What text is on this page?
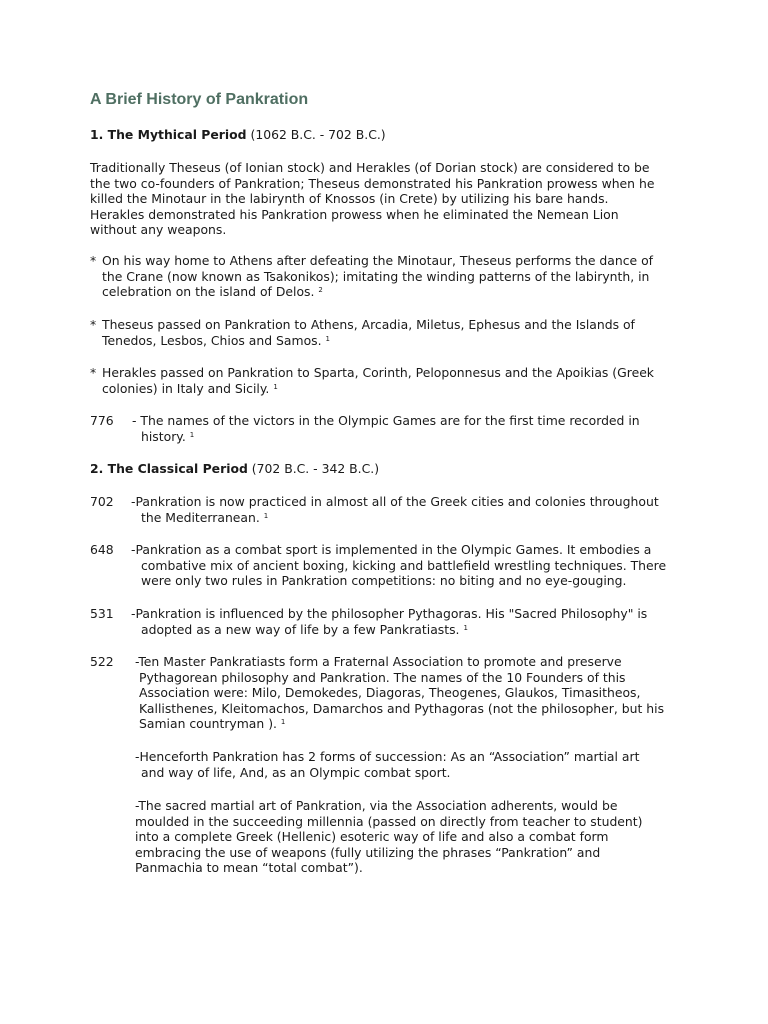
A Brief History of Pankration

1. The Mythical Period (1062 B.C. - 702 B.C.)

Traditionally Theseus (of Ionian stock) and Herakles (of Dorian stock) are considered to be
the two co-founders of Pankration; Theseus demonstrated his Pankration prowess when he
killed the Minotaur in the labirynth of Knossos (in Crete) by utilizing his bare hands.
Herakles demonstrated his Pankration prowess when he eliminated the Nemean Lion
without any weapons.
* On his way home to Athens after defeating the Minotaur, Theseus performs the dance of
the Crane (now known as Tsakonikos); imitating the winding patterns of the labirynth, in
celebration on the island of Delos. $^2$
* Theseus passed on Pankration to Athens, Arcadia, Miletus, Ephesus and the Islands of
Tenedos, Lesbos, Chios and Samos. $^1$
* Herakles passed on Pankration to Sparta, Corinth, Peloponnesus and the Apoikias (Greek
colonies) in Italy and Sicily. $^1$
776	- The names of the victors in the Olympic Games are for the first time recorded in
history. $^1$

2. The Classical Period (702 B.C. - 342 B.C.)

702	-Pankration is now practiced in almost all of the Greek cities and colonies throughout
the Mediterranean. $^1$
648	-Pankration as a combat sport is implemented in the Olympic Games. It embodies a
combative mix of ancient boxing, kicking and battlefield wrestling techniques. There
were only two rules in Pankration competitions: no biting and no eye-gouging.
531	-Pankration is influenced by the philosopher Pythagoras. His "Sacred Philosophy" is
adopted as a new way of life by a few Pankratiasts. $^1$
522	-Ten Master Pankratiasts form a Fraternal Association to promote and preserve
Pythagorean philosophy and Pankration. The names of the 10 Founders of this
Association were: Milo, Demokedes, Diagoras, Theogenes, Glaukos, Timasitheos,
Kallisthenes, Kleitomachos, Damarchos and Pythagoras (not the philosopher, but his
Samian countryman ). $^1$
-Henceforth Pankration has 2 forms of succession: As an “Association” martial art
and way of life, And, as an Olympic combat sport.
-The sacred martial art of Pankration, via the Association adherents, would be
moulded in the succeeding millennia (passed on directly from teacher to student)
into a complete Greek (Hellenic) esoteric way of life and also a combat form
embracing the use of weapons (fully utilizing the phrases “Pankration” and
Panmachia to mean “total combat”).
